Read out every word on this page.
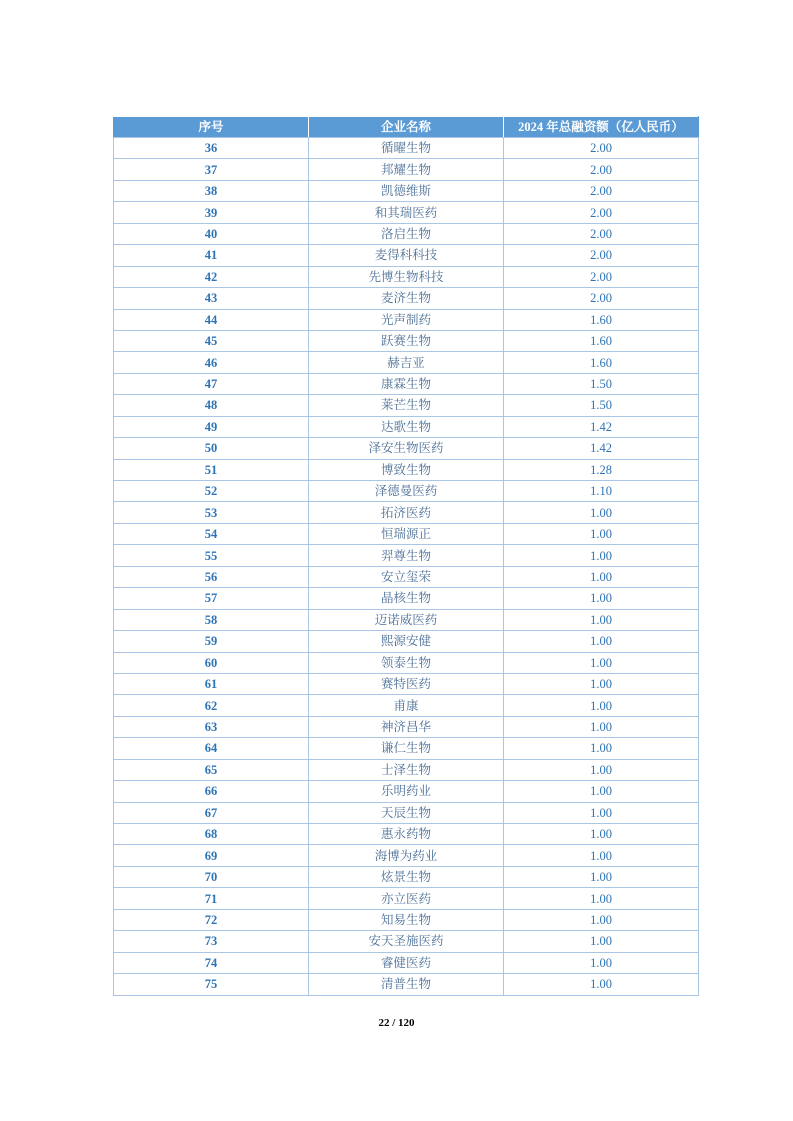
序号	企业名称	2024 年总融资额（亿人民币）
36	循曜生物	2.00
37	邦耀生物	2.00
38	凯德维斯	2.00
39	和其瑞医药	2.00
40	洛启生物	2.00
41	麦得科科技	2.00
42	先博生物科技	2.00
43	麦济生物	2.00
44	光声制药	1.60
45	跃赛生物	1.60
46	赫吉亚	1.60
47	康霖生物	1.50
48	莱芒生物	1.50
49	达歌生物	1.42
50	泽安生物医药	1.42
51	博致生物	1.28
52	泽德曼医药	1.10
53	拓济医药	1.00
54	恒瑞源正	1.00
55	羿尊生物	1.00
56	安立玺荣	1.00
57	晶核生物	1.00
58	迈诺威医药	1.00
59	熙源安健	1.00
60	领泰生物	1.00
61	赛特医药	1.00
62	甫康	1.00
63	神济昌华	1.00
64	谦仁生物	1.00
65	士泽生物	1.00
66	乐明药业	1.00
67	天辰生物	1.00
68	惠永药物	1.00
69	海博为药业	1.00
70	炫景生物	1.00
71	亦立医药	1.00
72	知易生物	1.00
73	安天圣施医药	1.00
74	睿健医药	1.00
75	清普生物	1.00
22 / 120
